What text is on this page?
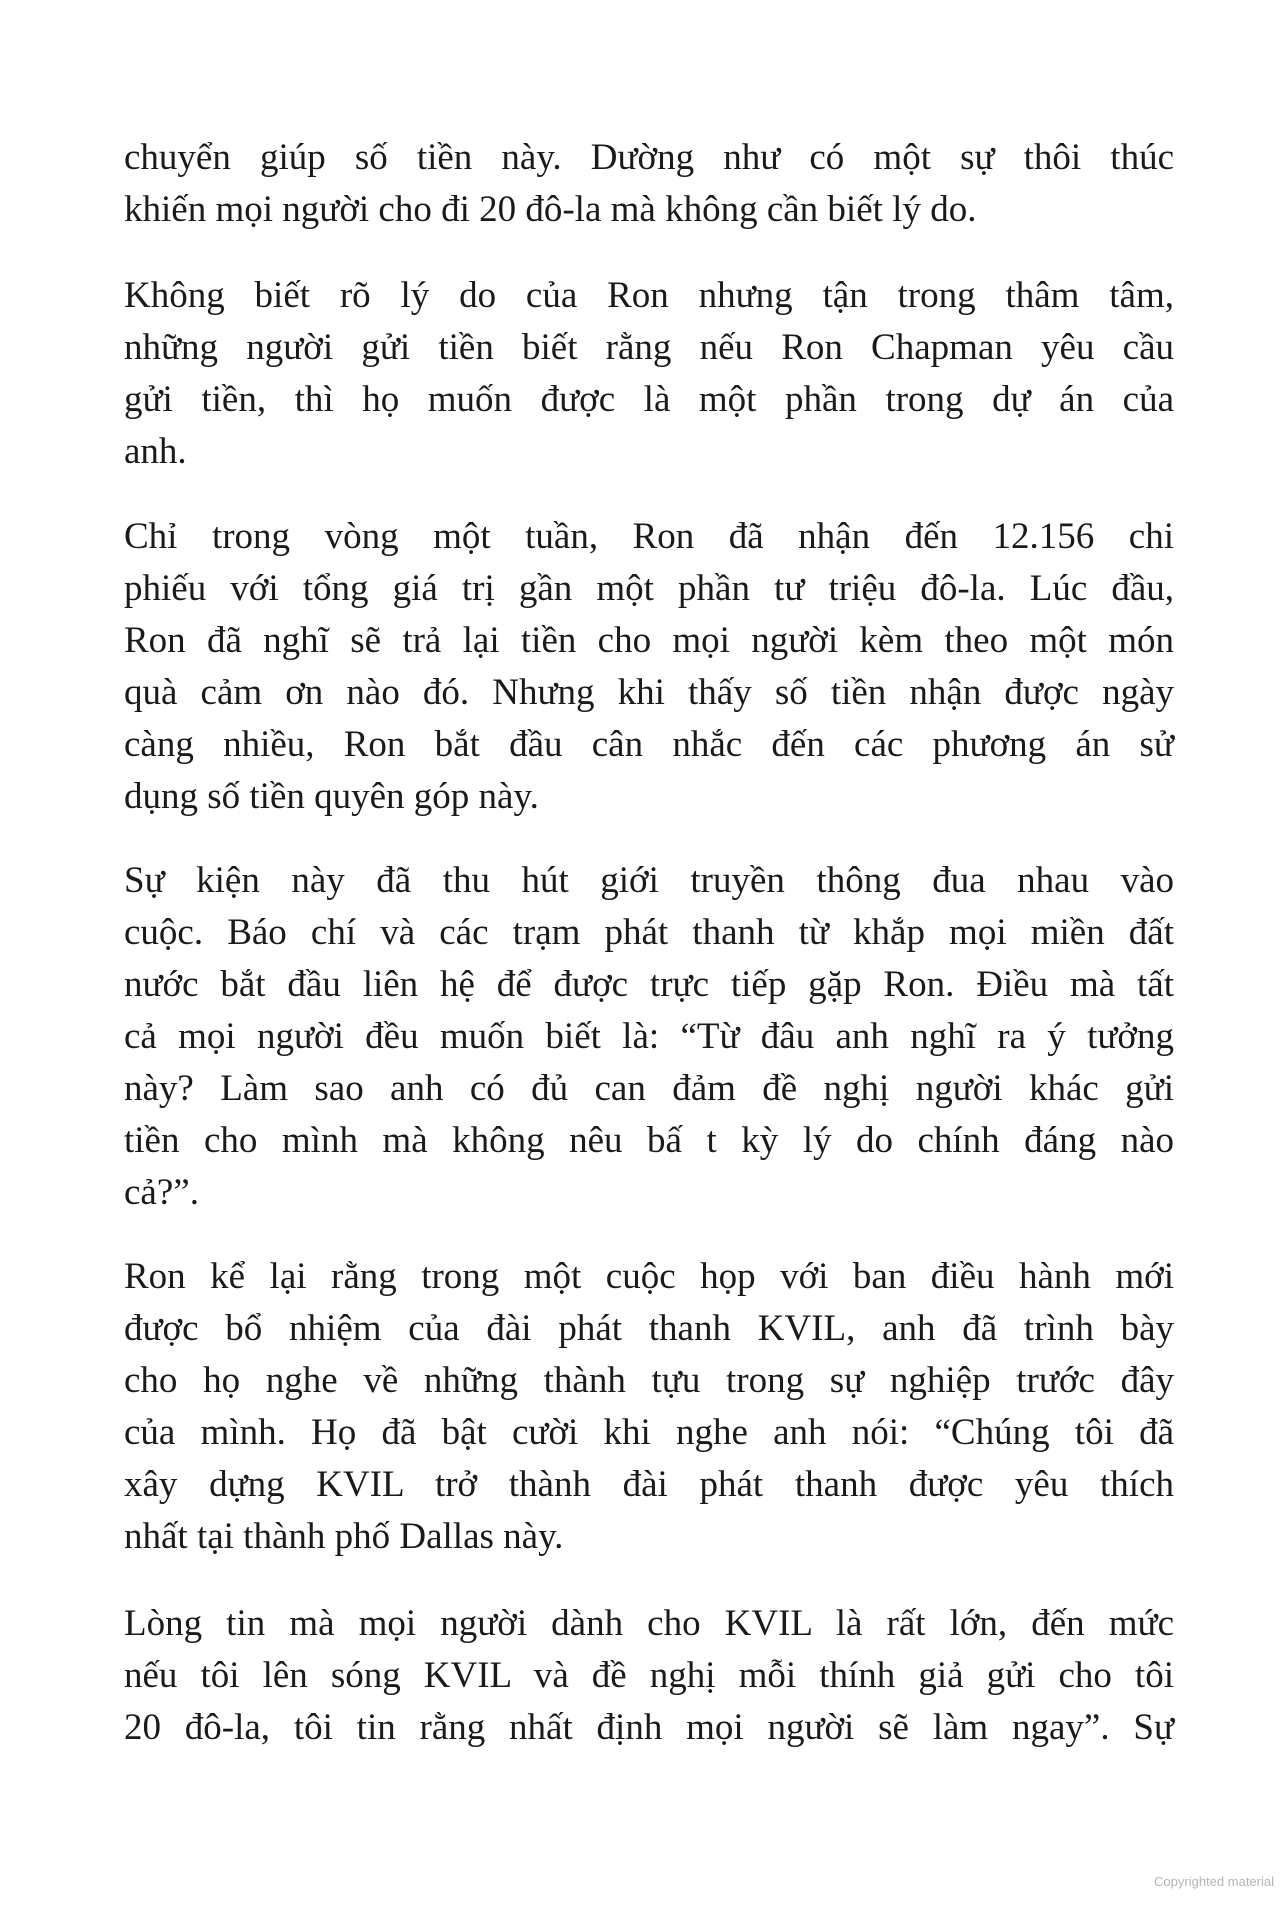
chuyển giúp số tiền này. Dường như có một sự thôi thúc
khiến mọi người cho đi 20 đô-la mà không cần biết lý do.
Không biết rõ lý do của Ron nhưng tận trong thâm tâm,
những người gửi tiền biết rằng nếu Ron Chapman yêu cầu
gửi tiền, thì họ muốn được là một phần trong dự án của
anh.
Chỉ trong vòng một tuần, Ron đã nhận đến 12.156 chi
phiếu với tổng giá trị gần một phần tư triệu đô-la. Lúc đầu,
Ron đã nghĩ sẽ trả lại tiền cho mọi người kèm theo một món
quà cảm ơn nào đó. Nhưng khi thấy số tiền nhận được ngày
càng nhiều, Ron bắt đầu cân nhắc đến các phương án sử
dụng số tiền quyên góp này.
Sự kiện này đã thu hút giới truyền thông đua nhau vào
cuộc. Báo chí và các trạm phát thanh từ khắp mọi miền đất
nước bắt đầu liên hệ để được trực tiếp gặp Ron. Điều mà tất
cả mọi người đều muốn biết là: “Từ đâu anh nghĩ ra ý tưởng
này? Làm sao anh có đủ can đảm đề nghị người khác gửi
tiền cho mình mà không nêu bấ t kỳ lý do chính đáng nào
cả?”.
Ron kể lại rằng trong một cuộc họp với ban điều hành mới
được bổ nhiệm của đài phát thanh KVIL, anh đã trình bày
cho họ nghe về những thành tựu trong sự nghiệp trước đây
của mình. Họ đã bật cười khi nghe anh nói: “Chúng tôi đã
xây dựng KVIL trở thành đài phát thanh được yêu thích
nhất tại thành phố Dallas này.
Lòng tin mà mọi người dành cho KVIL là rất lớn, đến mức
nếu tôi lên sóng KVIL và đề nghị mỗi thính giả gửi cho tôi
20 đô-la, tôi tin rằng nhất định mọi người sẽ làm ngay”. Sự
Copyrighted material
